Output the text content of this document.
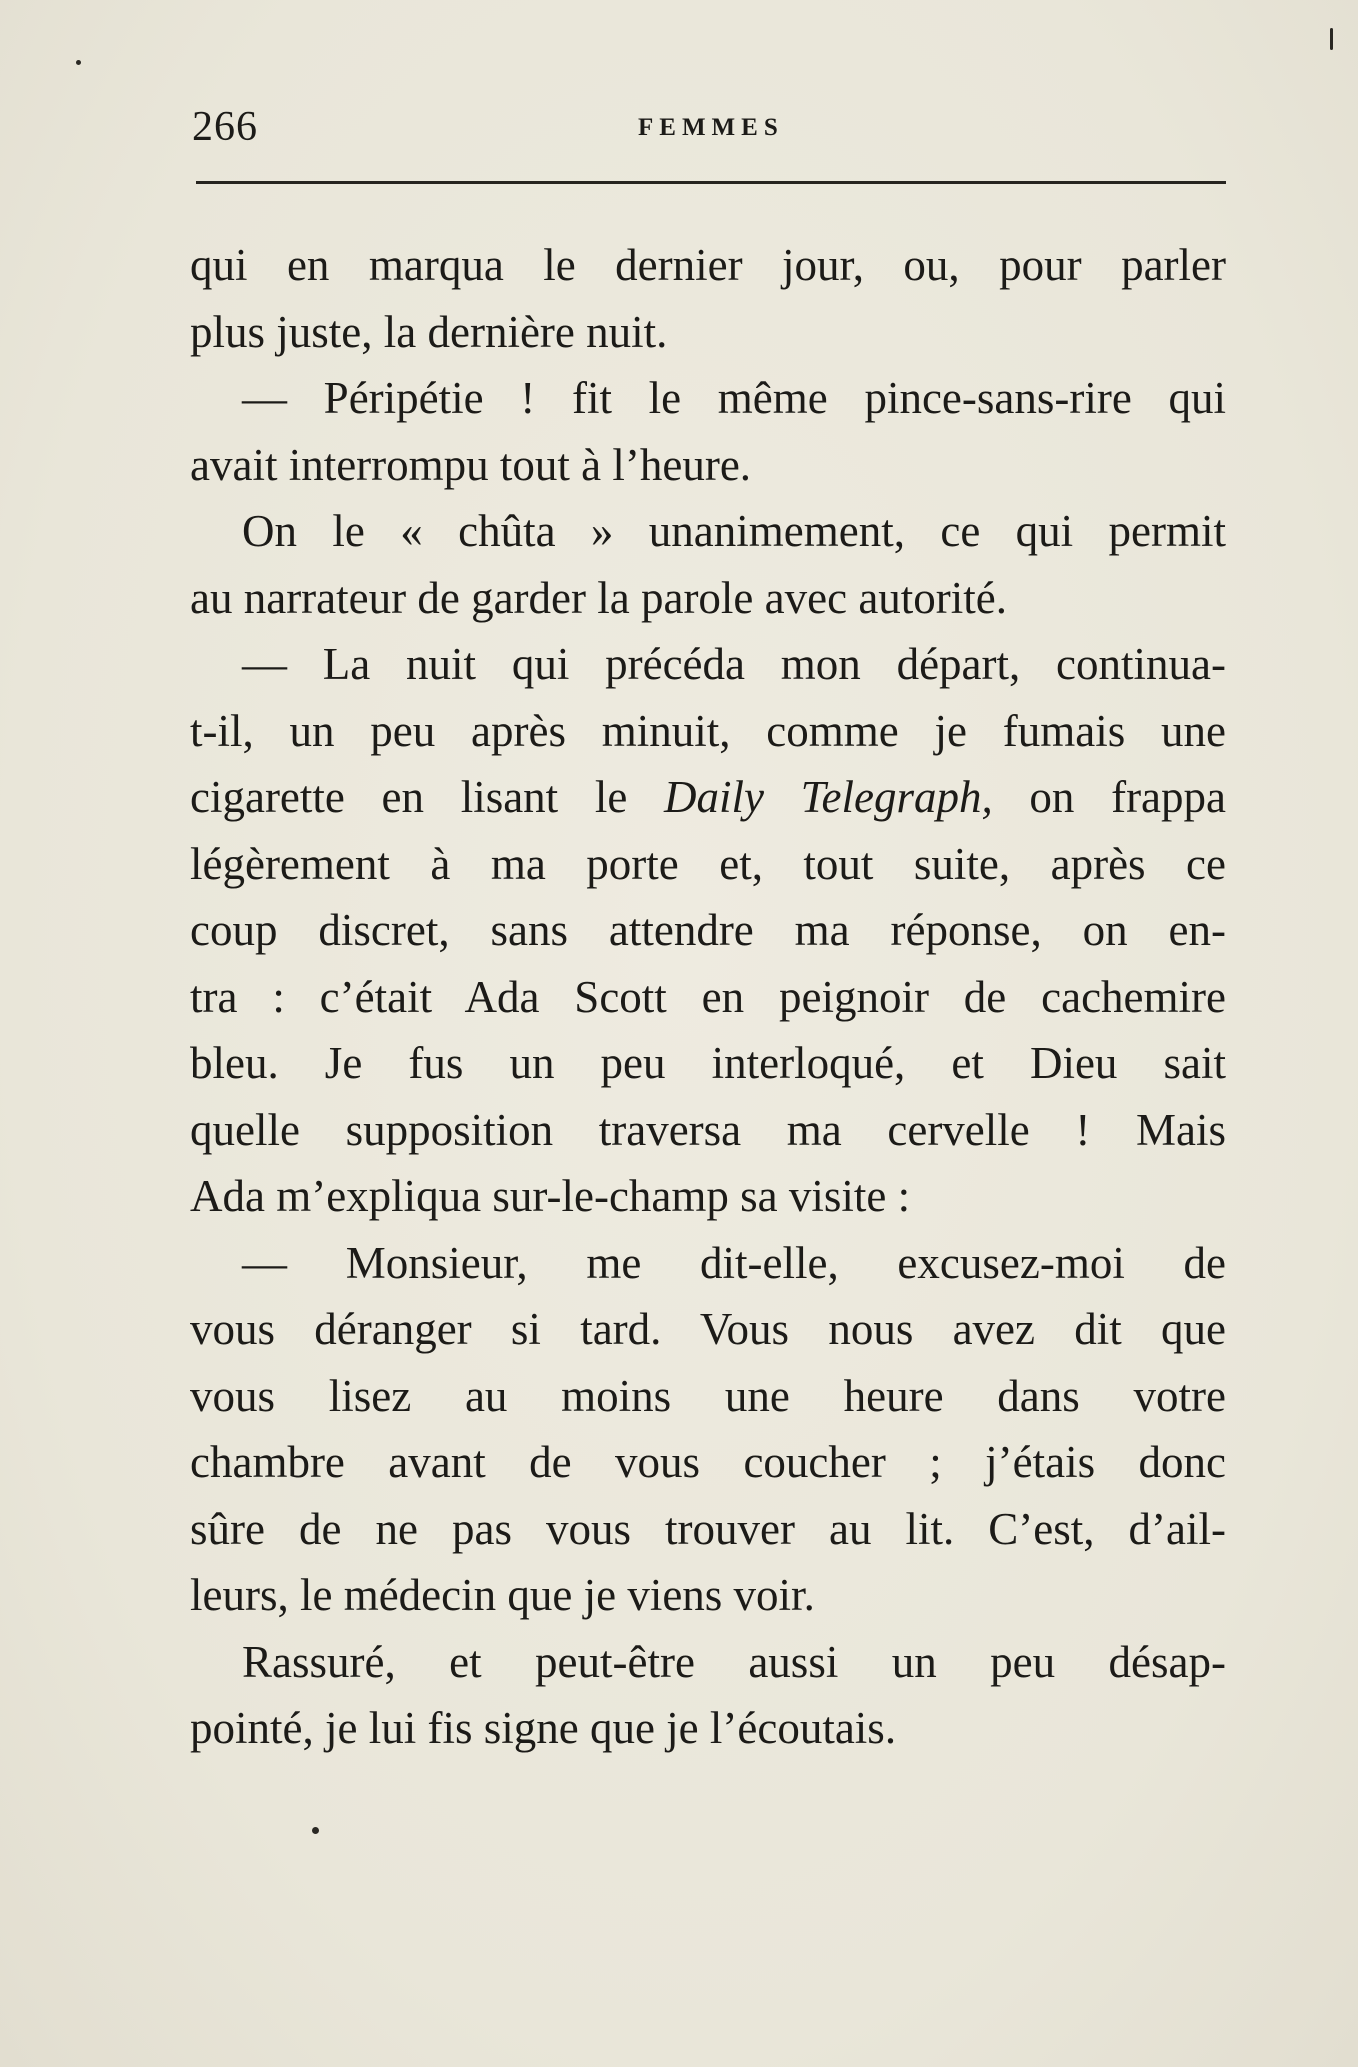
266	FEMMES
qui en marqua le dernier jour, ou, pour parler
plus juste, la dernière nuit.
— Péripétie ! fit le même pince-sans-rire qui
avait interrompu tout à l’heure.
On le « chûta » unanimement, ce qui permit
au narrateur de garder la parole avec autorité.
— La nuit qui précéda mon départ, continua-
t-il, un peu après minuit, comme je fumais une
cigarette en lisant le Daily Telegraph, on frappa
légèrement à ma porte et, tout suite, après ce
coup discret, sans attendre ma réponse, on en-
tra : c’était Ada Scott en peignoir de cachemire
bleu. Je fus un peu interloqué, et Dieu sait
quelle supposition traversa ma cervelle ! Mais
Ada m’expliqua sur-le-champ sa visite :
— Monsieur, me dit-elle, excusez-moi de
vous déranger si tard. Vous nous avez dit que
vous lisez au moins une heure dans votre
chambre avant de vous coucher ; j’étais donc
sûre de ne pas vous trouver au lit. C’est, d’ail-
leurs, le médecin que je viens voir.
Rassuré, et peut-être aussi un peu désap-
pointé, je lui fis signe que je l’écoutais.
